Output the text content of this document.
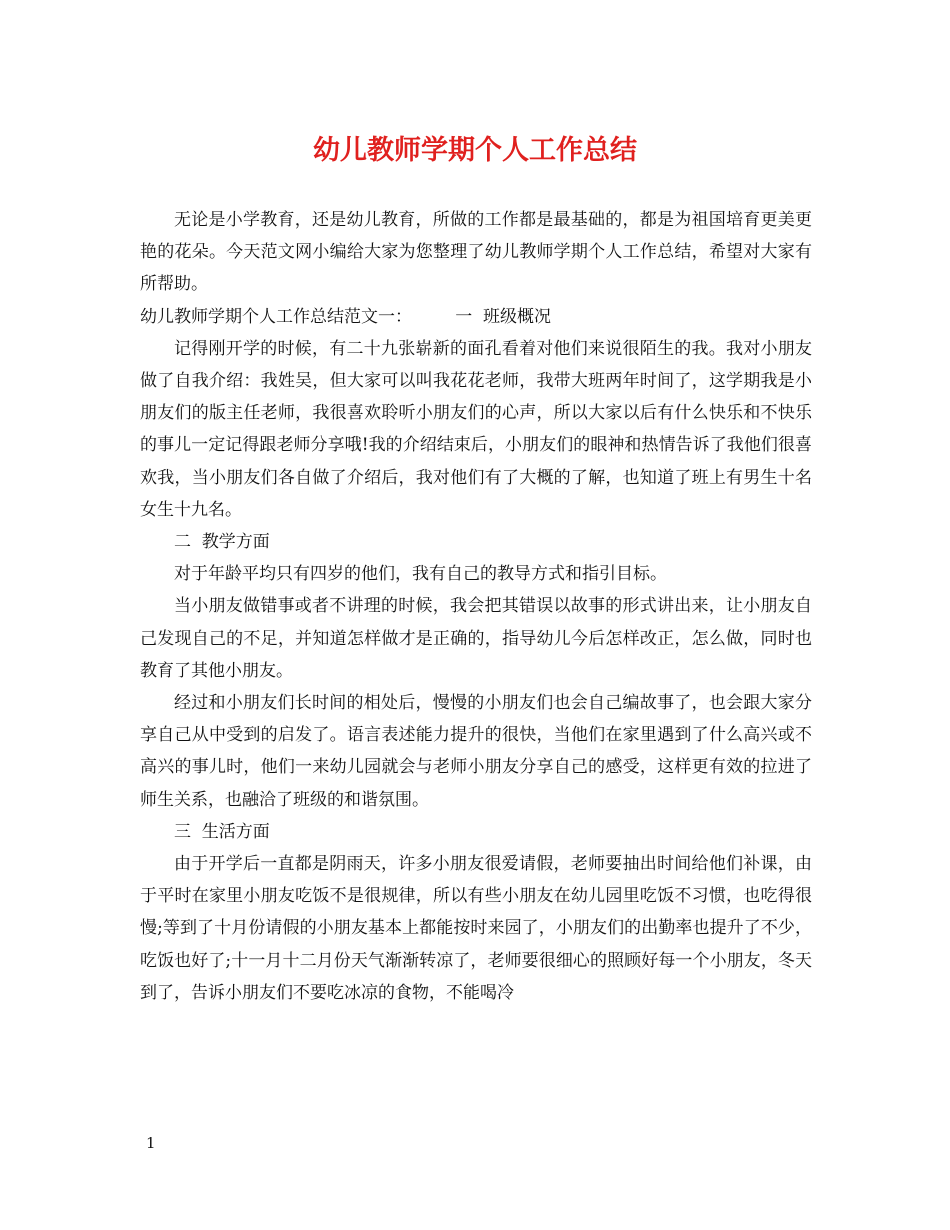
幼儿教师学期个人工作总结

无论是小学教育，还是幼儿教育，所做的工作都是最基础的，都是为祖国培育更美更艳的花朵。今天范文网小编给大家为您整理了幼儿教师学期个人工作总结，希望对大家有所帮助。

幼儿教师学期个人工作总结范文一：        一  班级概况

记得刚开学的时候，有二十九张崭新的面孔看着对他们来说很陌生的我。我对小朋友做了自我介绍：我姓吴，但大家可以叫我花花老师，我带大班两年时间了，这学期我是小朋友们的版主任老师，我很喜欢聆听小朋友们的心声，所以大家以后有什么快乐和不快乐的事儿一定记得跟老师分享哦!我的介绍结束后，小朋友们的眼神和热情告诉了我他们很喜欢我，当小朋友们各自做了介绍后，我对他们有了大概的了解，也知道了班上有男生十名女生十九名。

二  教学方面

对于年龄平均只有四岁的他们，我有自己的教导方式和指引目标。

当小朋友做错事或者不讲理的时候，我会把其错误以故事的形式讲出来，让小朋友自己发现自己的不足，并知道怎样做才是正确的，指导幼儿今后怎样改正，怎么做，同时也教育了其他小朋友。

经过和小朋友们长时间的相处后，慢慢的小朋友们也会自己编故事了，也会跟大家分享自己从中受到的启发了。语言表述能力提升的很快，当他们在家里遇到了什么高兴或不高兴的事儿时，他们一来幼儿园就会与老师小朋友分享自己的感受，这样更有效的拉进了师生关系，也融洽了班级的和谐氛围。

三  生活方面

由于开学后一直都是阴雨天，许多小朋友很爱请假，老师要抽出时间给他们补课，由于平时在家里小朋友吃饭不是很规律，所以有些小朋友在幼儿园里吃饭不习惯，也吃得很慢;等到了十月份请假的小朋友基本上都能按时来园了，小朋友们的出勤率也提升了不少，吃饭也好了;十一月十二月份天气渐渐转凉了，老师要很细心的照顾好每一个小朋友，冬天到了，告诉小朋友们不要吃冰凉的食物，不能喝冷

1
